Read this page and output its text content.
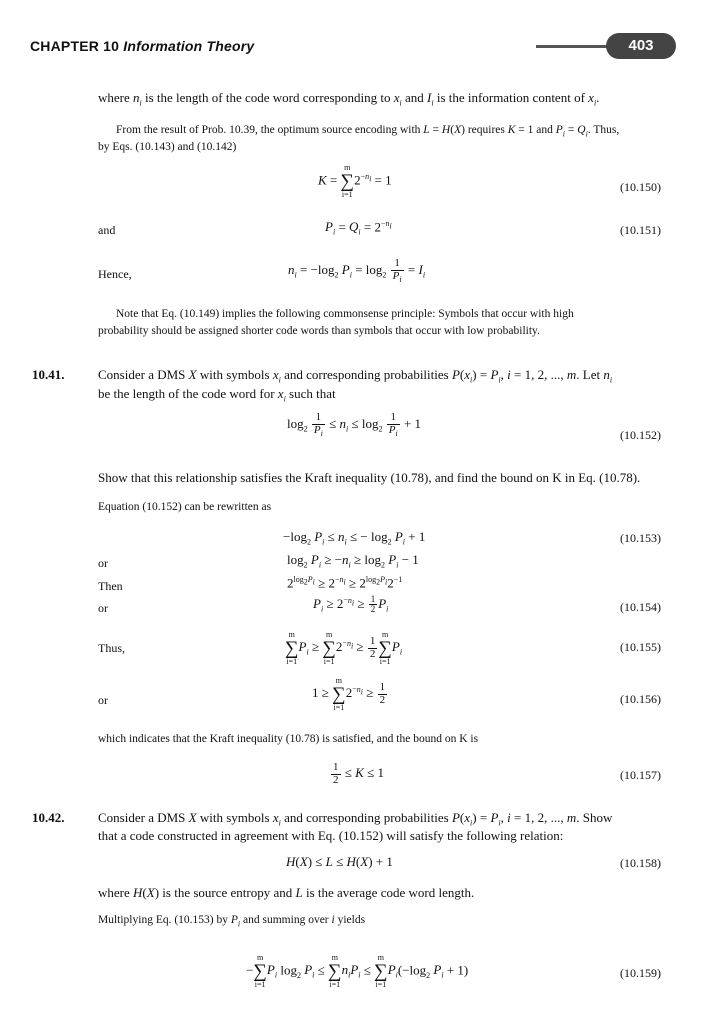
CHAPTER 10 Information Theory	403
where $n_i$ is the length of the code word corresponding to $x_i$ and $I_i$ is the information content of $x_i$.
From the result of Prob. 10.39, the optimum source encoding with L = H(X) requires K = 1 and $P_i = Q_i$. Thus,
by Eqs. (10.143) and (10.142)
K = ∑
m
i=1
$2^{-n_i} = 1$	(10.150)
and	$P_i = Q_i = 2^{-n_i}$	(10.151)
Hence,	$n_i = -\log_2$ $P_i = \log_2 \frac{1}{P_i} = I_i$
Note that Eq. (10.149) implies the following commonsense principle: Symbols that occur with high
probability should be assigned shorter code words than symbols that occur with low probability.
10.41.	Consider a DMS X with symbols $x_i$ and corresponding probabilities $P(x_i) = P_i$, i = 1, 2, ..., m. Let $n_i$
be the length of the code word for $x_i$ such that
$\log_2 \frac{1}{P_i} \le n_i \le \log_2 \frac{1}{P_i} + 1$
(10.152)
Show that this relationship satisfies the Kraft inequality (10.78), and find the bound on K in Eq. (10.78).
Equation (10.152) can be rewritten as
$-\log_2$ $P_i \le n_i$ ≤ − $\log_2 P_i + 1$	(10.153)
or	$\log_2 P_i \ge -n_i \ge \log_2 P_i - 1$
Then	$2^{log_2P_i} \ge 2^{-n_i} \ge 2^{log_2P_i}2^{-1}$
or	$P_i \ge 2^{-n_i} \ge \frac{1}{2} P_i$	(10.154)
Thus,	∑
m
i=1
$P_i$ ≥ ∑
m
i=1
$2^{-n_i} \ge \frac{1}{2}$ ∑
m
i=1
$P_i$	(10.155)
or	1 ≥ ∑
m
i=1
$2^{-n_i} \ge \frac{1}{2}$	(10.156)
which indicates that the Kraft inequality (10.78) is satisfied, and the bound on K is
$\frac{1}{2} \le K \le 1$	(10.157)
10.42.	Consider a DMS X with symbols $x_i$ and corresponding probabilities $P(x_i) = P_i$, i = 1, 2, ..., m. Show
that a code constructed in agreement with Eq. (10.152) will satisfy the following relation:
H(X) ≤ L ≤ H(X) + 1	(10.158)
where H(X) is the source entropy and L is the average code word length.
Multiplying Eq. (10.153) by $P_i$ and summing over i yields
−∑
m
i=1
$P_i$ $\log_2 P_i$ ≤ ∑
m
i=1
$n_iP_i$ ≤ ∑
m
i=1
$P_i(-\log_2$ $P_i + 1$)	(10.159)
